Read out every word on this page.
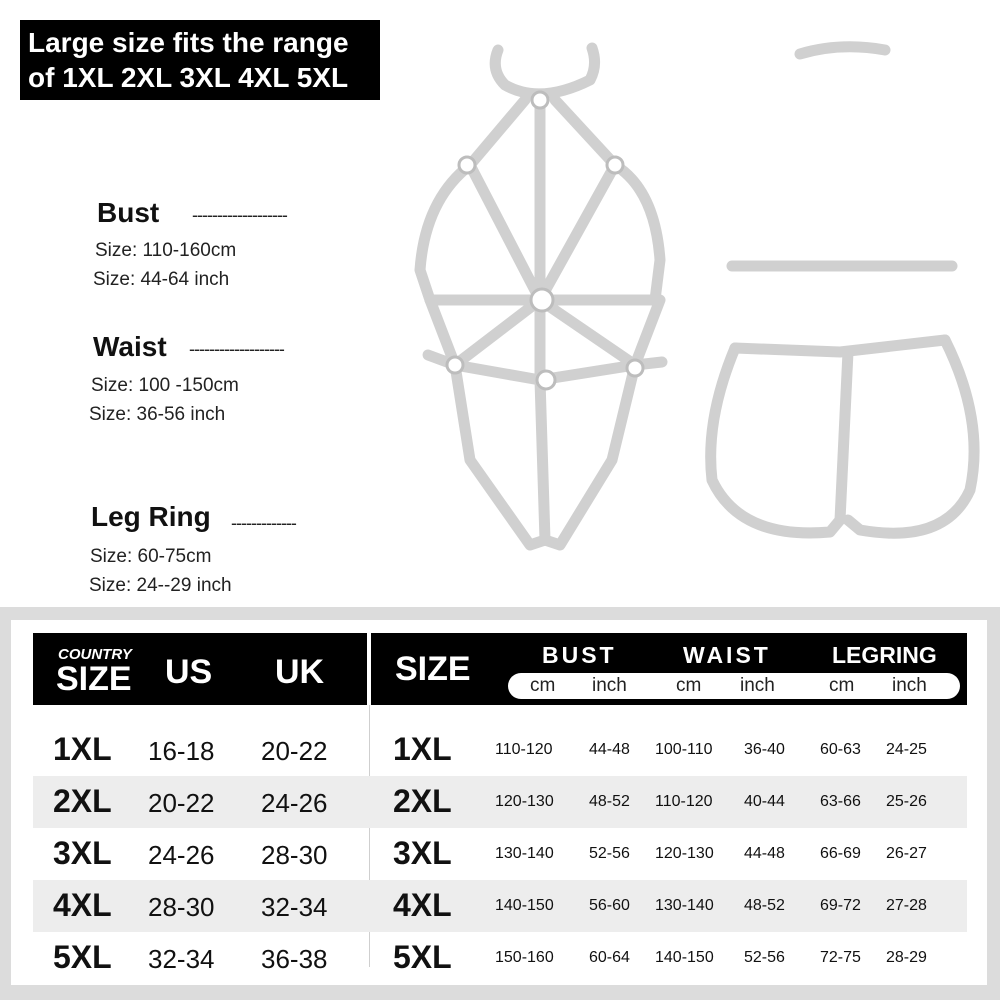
Large size fits the range
of 1XL 2XL 3XL 4XL 5XL
Bust -------------------
Size: 110-160cm
Size: 44-64 inch
Waist -------------------
Size: 100 -150cm
Size: 36-56 inch
Leg Ring -------------
Size: 60-75cm
Size: 24--29 inch
COUNTRY
SIZE US UK SIZE	BUST	WAIST	LEGRING
cm inch	cm inch	cm inch
1XL 16-18 20-22 1XL	110-120 44-48 100-110 36-40 60-63 24-25
2XL 20-22 24-26 2XL	120-130 48-52 110-120 40-44 63-66 25-26
3XL 24-26 28-30 3XL	130-140 52-56 120-130 44-48 66-69 26-27
4XL 28-30 32-34 4XL	140-150 56-60 130-140 48-52 69-72 27-28
5XL 32-34 36-38 5XL	150-160 60-64 140-150 52-56 72-75 28-29
